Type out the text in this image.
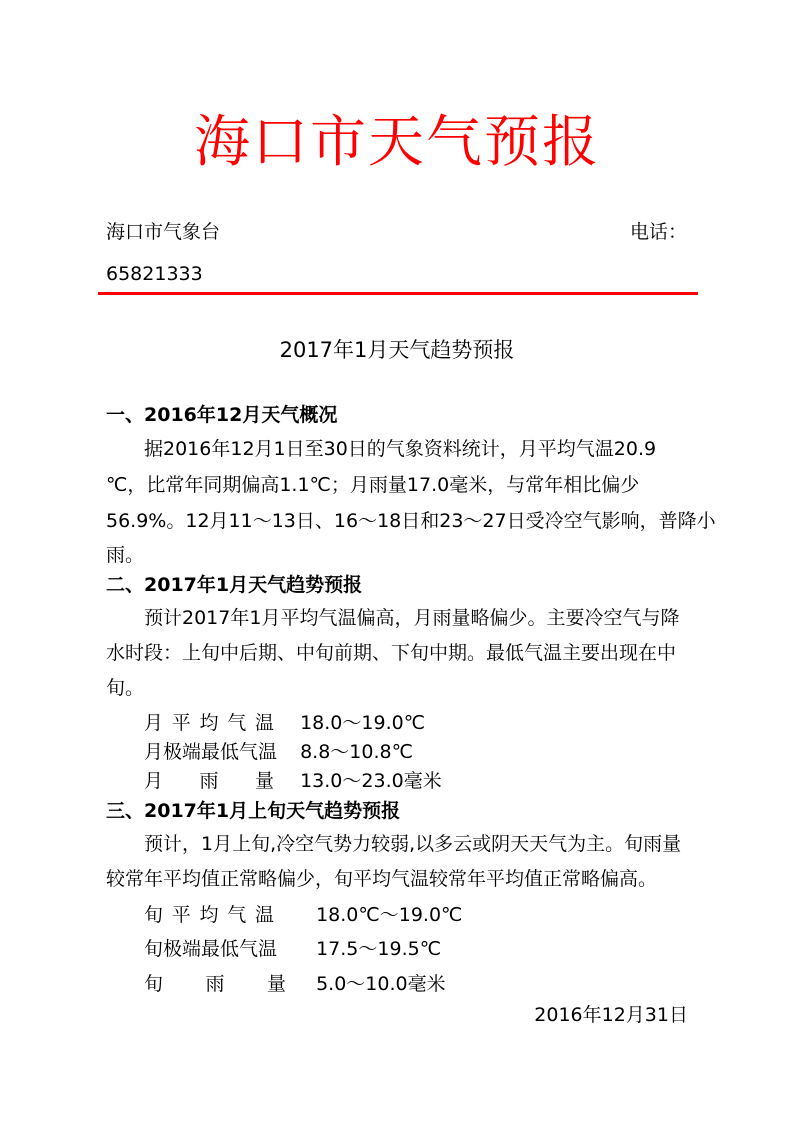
海口市天气预报
海口市气象台	电话：
65821333
2017年1月天气趋势预报
一、2016年12月天气概况
据2016年12月1日至30日的气象资料统计，月平均气温20.9
℃，比常年同期偏高1.1℃；月雨量17.0毫米，与常年相比偏少
56.9%。12月11～13日、16～18日和23～27日受冷空气影响，普降小
雨。
二、2017年1月天气趋势预报
预计2017年1月平均气温偏高，月雨量略偏少。主要冷空气与降
水时段：上旬中后期、中旬前期、下旬中期。最低气温主要出现在中
旬。
月平均气温 18.0～19.0℃
月极端最低气温 8.8～10.8℃
月雨量 13.0～23.0毫米
三、2017年1月上旬天气趋势预报
预计，1月上旬,冷空气势力较弱,以多云或阴天天气为主。旬雨量
较常年平均值正常略偏少，旬平均气温较常年平均值正常略偏高。
旬平均气温 18.0℃～19.0℃
旬极端最低气温 17.5～19.5℃
旬雨量 5.0～10.0毫米
2016年12月31日
